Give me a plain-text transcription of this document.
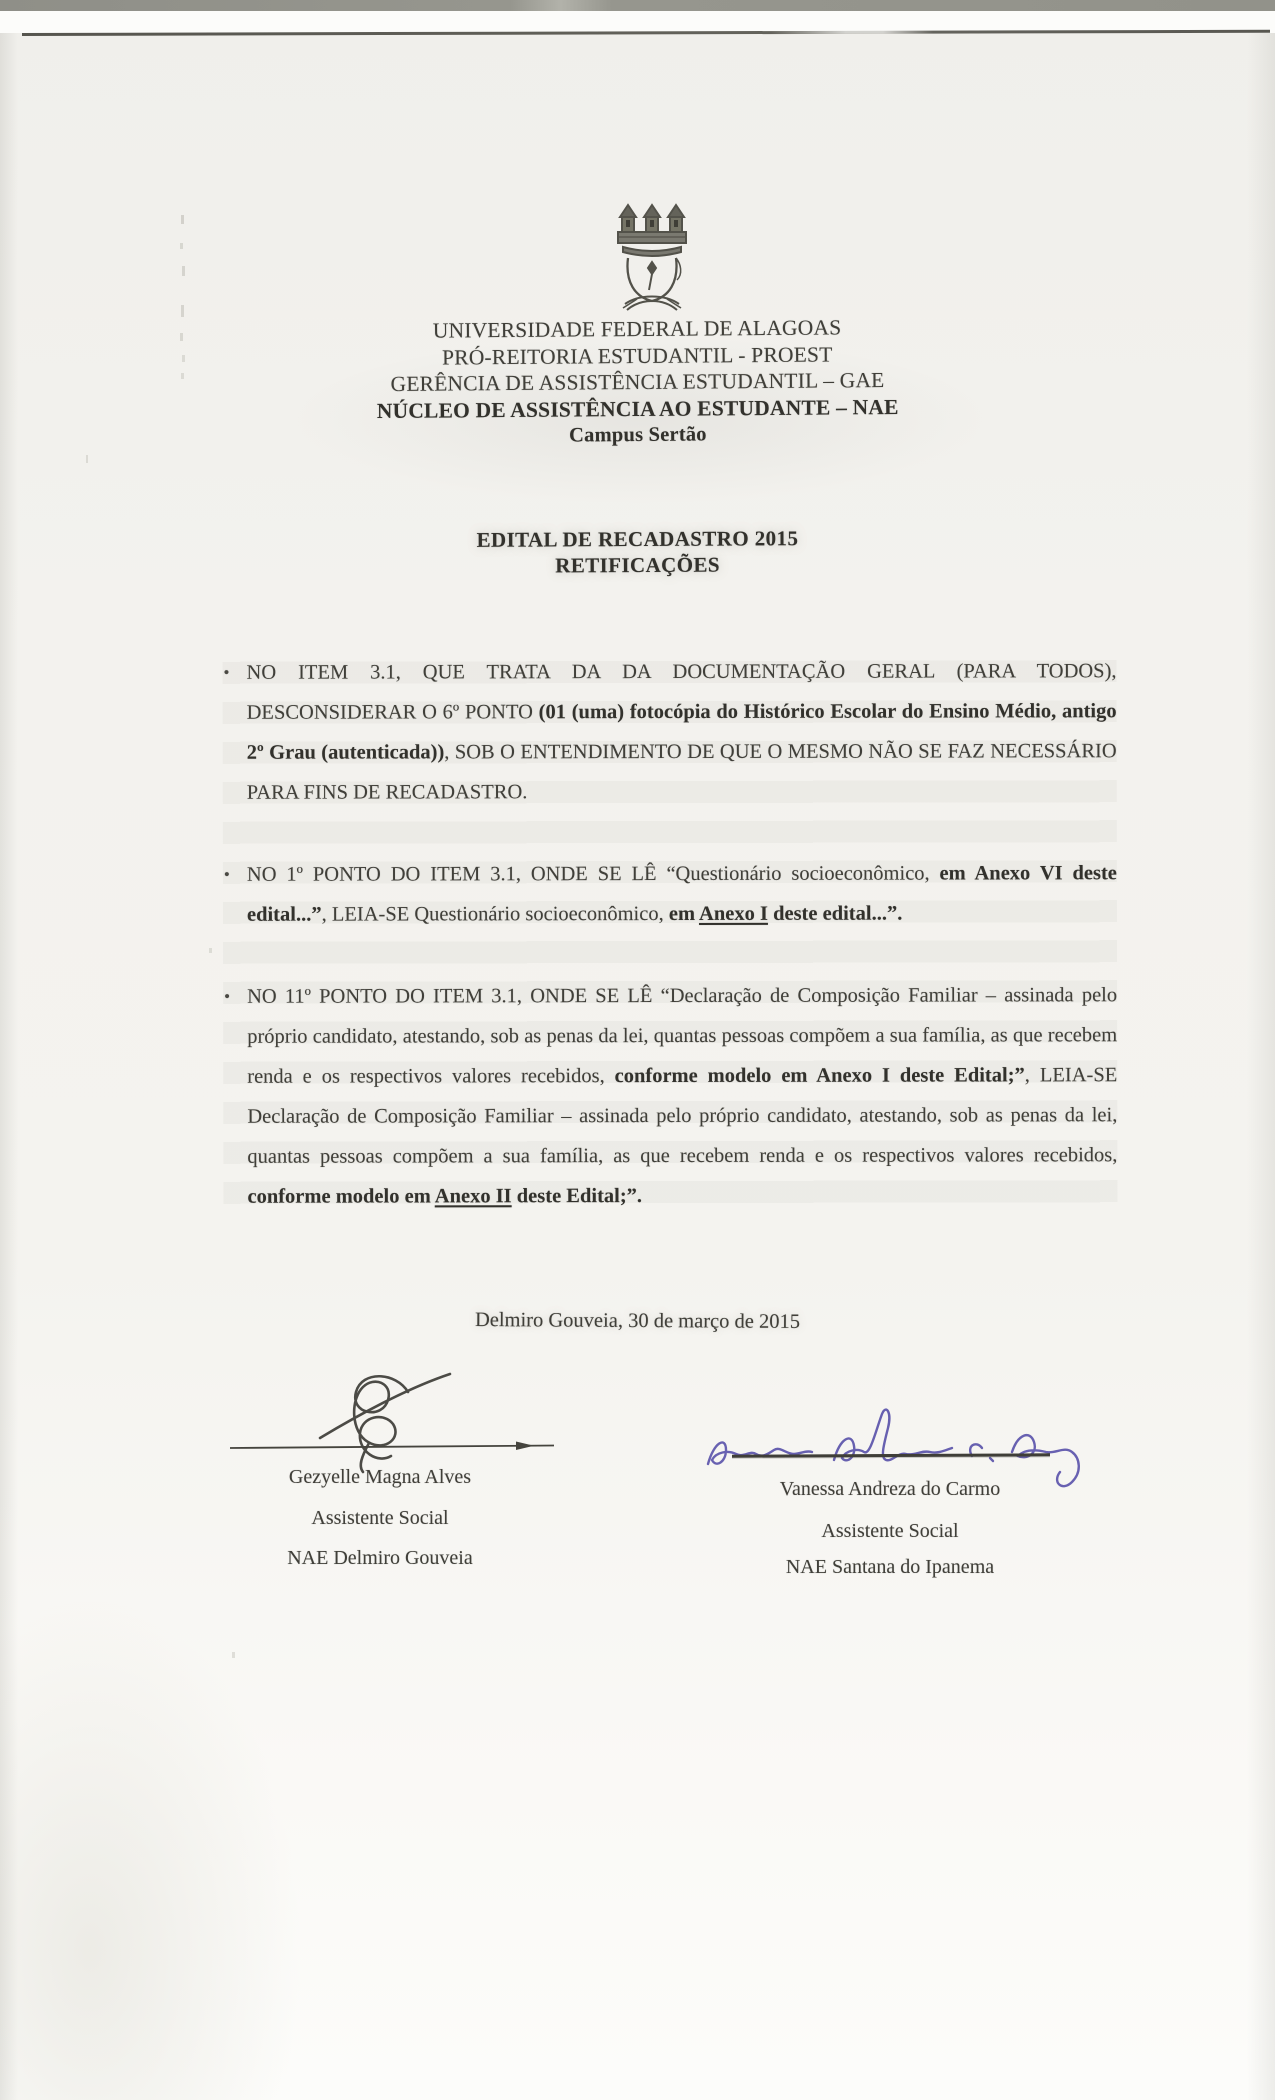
UNIVERSIDADE FEDERAL DE ALAGOAS
PRÓ-REITORIA ESTUDANTIL - PROEST
GERÊNCIA DE ASSISTÊNCIA ESTUDANTIL – GAE
NÚCLEO DE ASSISTÊNCIA AO ESTUDANTE – NAE
Campus Sertão
EDITAL DE RECADASTRO 2015
RETIFICAÇÕES
• NO ITEM 3.1, QUE TRATA DA DA DOCUMENTAÇÃO GERAL (PARA TODOS), DESCONSIDERAR O 6º PONTO (01 (uma) fotocópia do Histórico Escolar do Ensino Médio, antigo 2º Grau (autenticada)), SOB O ENTENDIMENTO DE QUE O MESMO NÃO SE FAZ NECESSÁRIO PARA FINS DE RECADASTRO.
• NO 1º PONTO DO ITEM 3.1, ONDE SE LÊ “Questionário socioeconômico, em Anexo VI deste edital...”, LEIA-SE Questionário socioeconômico, em Anexo I deste edital...”.
• NO 11º PONTO DO ITEM 3.1, ONDE SE LÊ “Declaração de Composição Familiar – assinada pelo próprio candidato, atestando, sob as penas da lei, quantas pessoas compõem a sua família, as que recebem renda e os respectivos valores recebidos, conforme modelo em Anexo I deste Edital;”, LEIA-SE Declaração de Composição Familiar – assinada pelo próprio candidato, atestando, sob as penas da lei, quantas pessoas compõem a sua família, as que recebem renda e os respectivos valores recebidos, conforme modelo em Anexo II deste Edital;”.
Delmiro Gouveia, 30 de março de 2015
Gezyelle Magna Alves
Assistente Social
NAE Delmiro Gouveia
Vanessa Andreza do Carmo
Assistente Social
NAE Santana do Ipanema
